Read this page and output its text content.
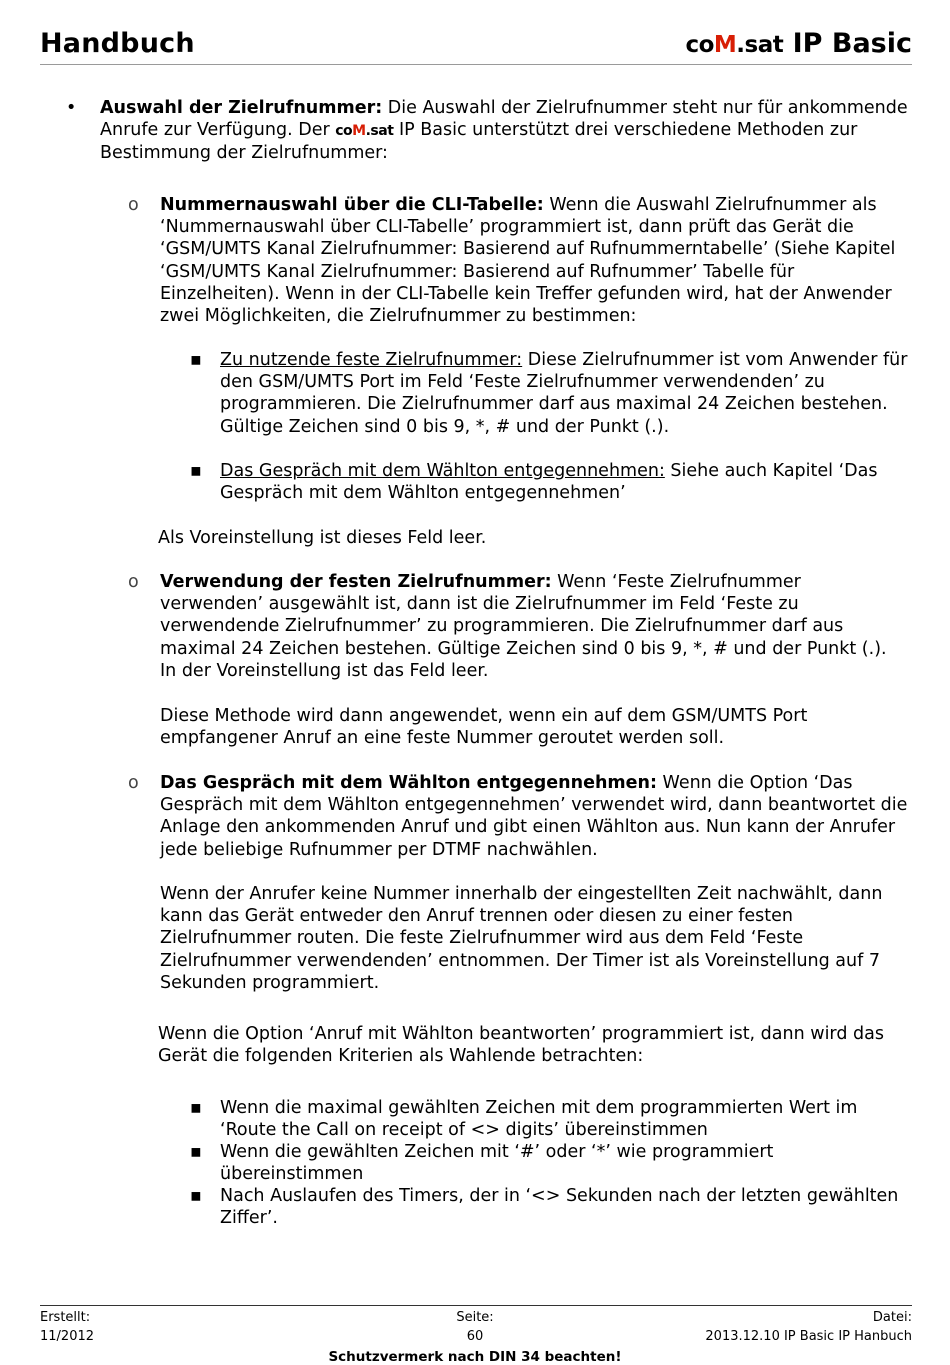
Handbuch	coM.sat IP Basic
• Auswahl der Zielrufnummer: Die Auswahl der Zielrufnummer steht nur für ankommende Anrufe zur Verfügung. Der coM.sat IP Basic unterstützt drei verschiedene Methoden zur Bestimmung der Zielrufnummer:
o Nummernauswahl über die CLI-Tabelle: Wenn die Auswahl Zielrufnummer als ‘Nummernauswahl über CLI-Tabelle’ programmiert ist, dann prüft das Gerät die ‘GSM/UMTS Kanal Zielrufnummer: Basierend auf Rufnummerntabelle’ (Siehe Kapitel ‘GSM/UMTS Kanal Zielrufnummer: Basierend auf Rufnummer’ Tabelle für Einzelheiten). Wenn in der CLI-Tabelle kein Treffer gefunden wird, hat der Anwender zwei Möglichkeiten, die Zielrufnummer zu bestimmen:
▪ Zu nutzende feste Zielrufnummer: Diese Zielrufnummer ist vom Anwender für den GSM/UMTS Port im Feld ‘Feste Zielrufnummer verwendenden’ zu programmieren. Die Zielrufnummer darf aus maximal 24 Zeichen bestehen. Gültige Zeichen sind 0 bis 9, *, # und der Punkt (.).
▪ Das Gespräch mit dem Wählton entgegennehmen: Siehe auch Kapitel ‘Das Gespräch mit dem Wählton entgegennehmen’
Als Voreinstellung ist dieses Feld leer.
o Verwendung der festen Zielrufnummer: Wenn ‘Feste Zielrufnummer verwenden’ ausgewählt ist, dann ist die Zielrufnummer im Feld ‘Feste zu verwendende Zielrufnummer’ zu programmieren. Die Zielrufnummer darf aus maximal 24 Zeichen bestehen. Gültige Zeichen sind 0 bis 9, *, # und der Punkt (.). In der Voreinstellung ist das Feld leer.
Diese Methode wird dann angewendet, wenn ein auf dem GSM/UMTS Port empfangener Anruf an eine feste Nummer geroutet werden soll.
o Das Gespräch mit dem Wählton entgegennehmen: Wenn die Option ‘Das Gespräch mit dem Wählton entgegennehmen’ verwendet wird, dann beantwortet die Anlage den ankommenden Anruf und gibt einen Wählton aus. Nun kann der Anrufer jede beliebige Rufnummer per DTMF nachwählen.
Wenn der Anrufer keine Nummer innerhalb der eingestellten Zeit nachwählt, dann kann das Gerät entweder den Anruf trennen oder diesen zu einer festen Zielrufnummer routen. Die feste Zielrufnummer wird aus dem Feld ‘Feste Zielrufnummer verwendenden’ entnommen. Der Timer ist als Voreinstellung auf 7 Sekunden programmiert.
Wenn die Option ‘Anruf mit Wählton beantworten’ programmiert ist, dann wird das Gerät die folgenden Kriterien als Wahlende betrachten:
▪ Wenn die maximal gewählten Zeichen mit dem programmierten Wert im ‘Route the Call on receipt of <> digits’ übereinstimmen
▪ Wenn die gewählten Zeichen mit ‘#’ oder ‘*’ wie programmiert übereinstimmen
▪ Nach Auslaufen des Timers, der in ‘<> Sekunden nach der letzten gewählten Ziffer’.
Erstellt:
11/2012
Seite:
60
Datei:
2013.12.10 IP Basic IP Hanbuch
Schutzvermerk nach DIN 34 beachten!
